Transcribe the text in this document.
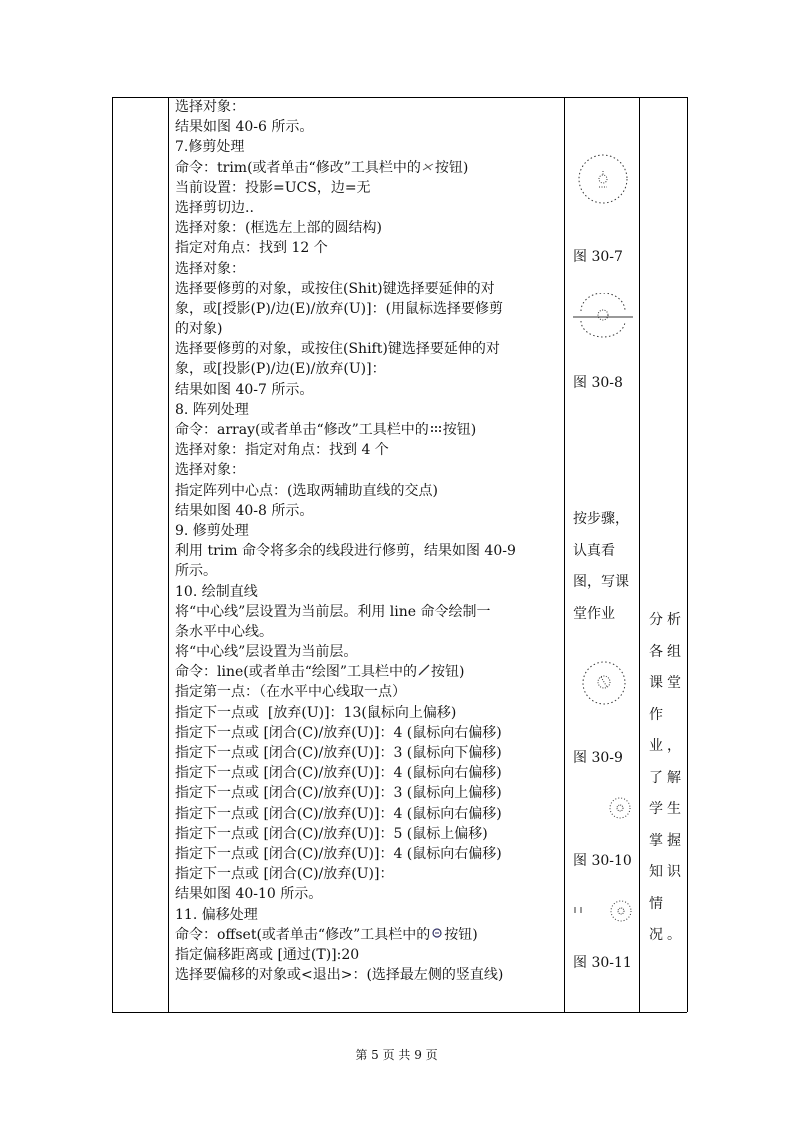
选择对象：
结果如图 40-6 所示。
7.修剪处理
命令：trim(或者单击“修改”工具栏中的 按钮)
当前设置：投影=UCS，边=无
选择剪切边..
选择对象：(框选左上部的圆结构)
指定对角点：找到 12 个
选择对象：
选择要修剪的对象，或按住(Shit)键选择要延伸的对
象，或[授影(P)/边(E)/放弃(U)]：(用鼠标选择要修剪
的对象)
选择要修剪的对象，或按住(Shift)键选择要延伸的对
象，或[投影(P)/边(E)/放弃(U)]：
结果如图 40-7 所示。
8. 阵列处理
命令：array(或者单击“修改”工具栏中的 按钮)
选择对象：指定对角点：找到 4 个
选择对象：
指定阵列中心点：(选取两辅助直线的交点)
结果如图 40-8 所示。
9. 修剪处理
利用 trim 命令将多余的线段进行修剪，结果如图 40-9
所示。
10. 绘制直线
将“中心线”层设置为当前层。利用 line 命令绘制一
条水平中心线。
将“中心线”层设置为当前层。
命令：line(或者单击“绘图”工具栏中的 按钮)
指定第一点：（在水平中心线取一点）
指定下一点或  [放弃(U)]：13(鼠标向上偏移)
指定下一点或 [闭合(C)/放弃(U)]：4 (鼠标向右偏移)
指定下一点或 [闭合(C)/放弃(U)]：3 (鼠标向下偏移)
指定下一点或 [闭合(C)/放弃(U)]：4 (鼠标向右偏移)
指定下一点或 [闭合(C)/放弃(U)]：3 (鼠标向上偏移)
指定下一点或 [闭合(C)/放弃(U)]：4 (鼠标向右偏移)
指定下一点或 [闭合(C)/放弃(U)]：5 (鼠标上偏移)
指定下一点或 [闭合(C)/放弃(U)]：4 (鼠标向右偏移)
指定下一点或 [闭合(C)/放弃(U)]：
结果如图 40-10 所示。
11. 偏移处理
命令：offset(或者单击“修改”工具栏中的 按钮)
指定偏移距离或 [通过(T)]:20
选择要偏移的对象或<退出>：(选择最左侧的竖直线)
图 30-7
图 30-8
按步骤，认真看图，写课堂作业
图 30-9
图 30-10
图 30-11
分析各组课堂作业，了解学生掌握知识情况。
第 5 页 共 9 页
